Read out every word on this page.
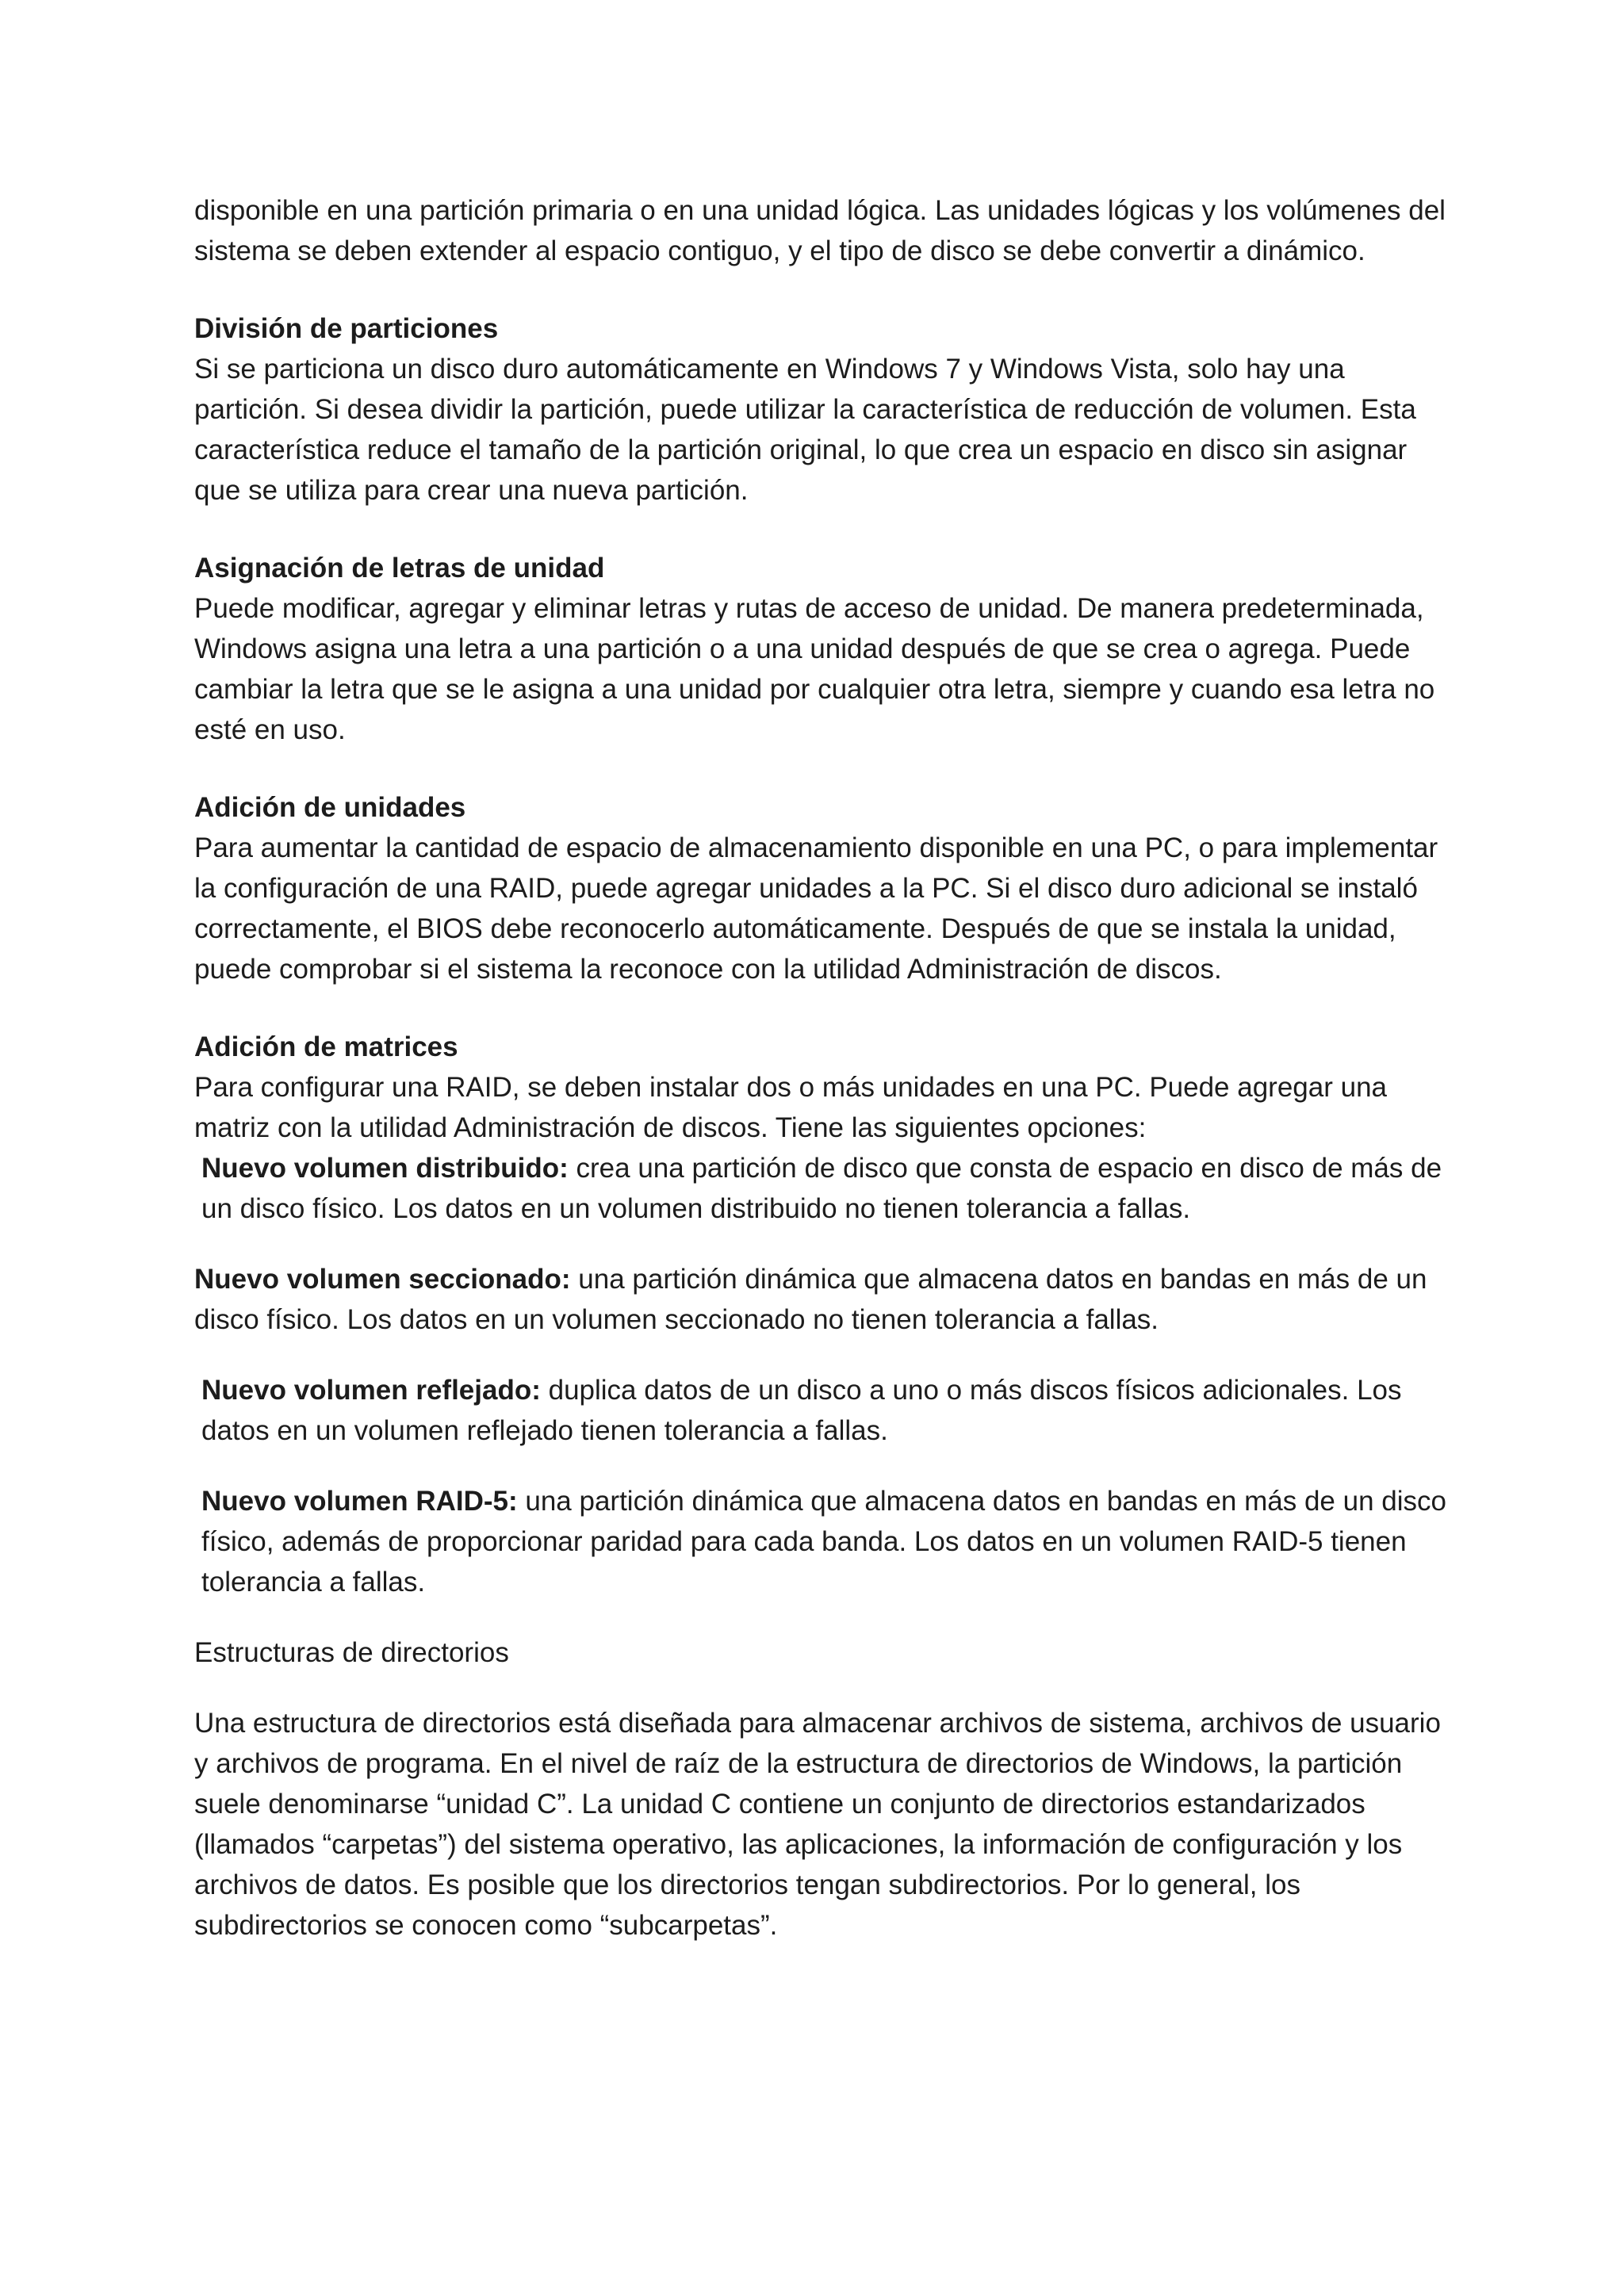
disponible en una partición primaria o en una unidad lógica. Las unidades lógicas y los volúmenes del sistema se deben extender al espacio contiguo, y el tipo de disco se debe convertir a dinámico.

División de particiones

Si se particiona un disco duro automáticamente en Windows 7 y Windows Vista, solo hay una partición. Si desea dividir la partición, puede utilizar la característica de reducción de volumen. Esta característica reduce el tamaño de la partición original, lo que crea un espacio en disco sin asignar que se utiliza para crear una nueva partición.

Asignación de letras de unidad

Puede modificar, agregar y eliminar letras y rutas de acceso de unidad. De manera predeterminada, Windows asigna una letra a una partición o a una unidad después de que se crea o agrega. Puede cambiar la letra que se le asigna a una unidad por cualquier otra letra, siempre y cuando esa letra no esté en uso.

Adición de unidades

Para aumentar la cantidad de espacio de almacenamiento disponible en una PC, o para implementar la configuración de una RAID, puede agregar unidades a la PC. Si el disco duro adicional se instaló correctamente, el BIOS debe reconocerlo automáticamente. Después de que se instala la unidad, puede comprobar si el sistema la reconoce con la utilidad Administración de discos.

Adición de matrices

Para configurar una RAID, se deben instalar dos o más unidades en una PC. Puede agregar una matriz con la utilidad Administración de discos. Tiene las siguientes opciones:

Nuevo volumen distribuido: crea una partición de disco que consta de espacio en disco de más de un disco físico. Los datos en un volumen distribuido no tienen tolerancia a fallas.

Nuevo volumen seccionado: una partición dinámica que almacena datos en bandas en más de un disco físico. Los datos en un volumen seccionado no tienen tolerancia a fallas.

Nuevo volumen reflejado: duplica datos de un disco a uno o más discos físicos adicionales. Los datos en un volumen reflejado tienen tolerancia a fallas.

Nuevo volumen RAID-5: una partición dinámica que almacena datos en bandas en más de un disco físico, además de proporcionar paridad para cada banda. Los datos en un volumen RAID-5 tienen tolerancia a fallas.

Estructuras de directorios

Una estructura de directorios está diseñada para almacenar archivos de sistema, archivos de usuario y archivos de programa. En el nivel de raíz de la estructura de directorios de Windows, la partición suele denominarse “unidad C”. La unidad C contiene un conjunto de directorios estandarizados (llamados “carpetas”) del sistema operativo, las aplicaciones, la información de configuración y los archivos de datos. Es posible que los directorios tengan subdirectorios. Por lo general, los subdirectorios se conocen como “subcarpetas”.
